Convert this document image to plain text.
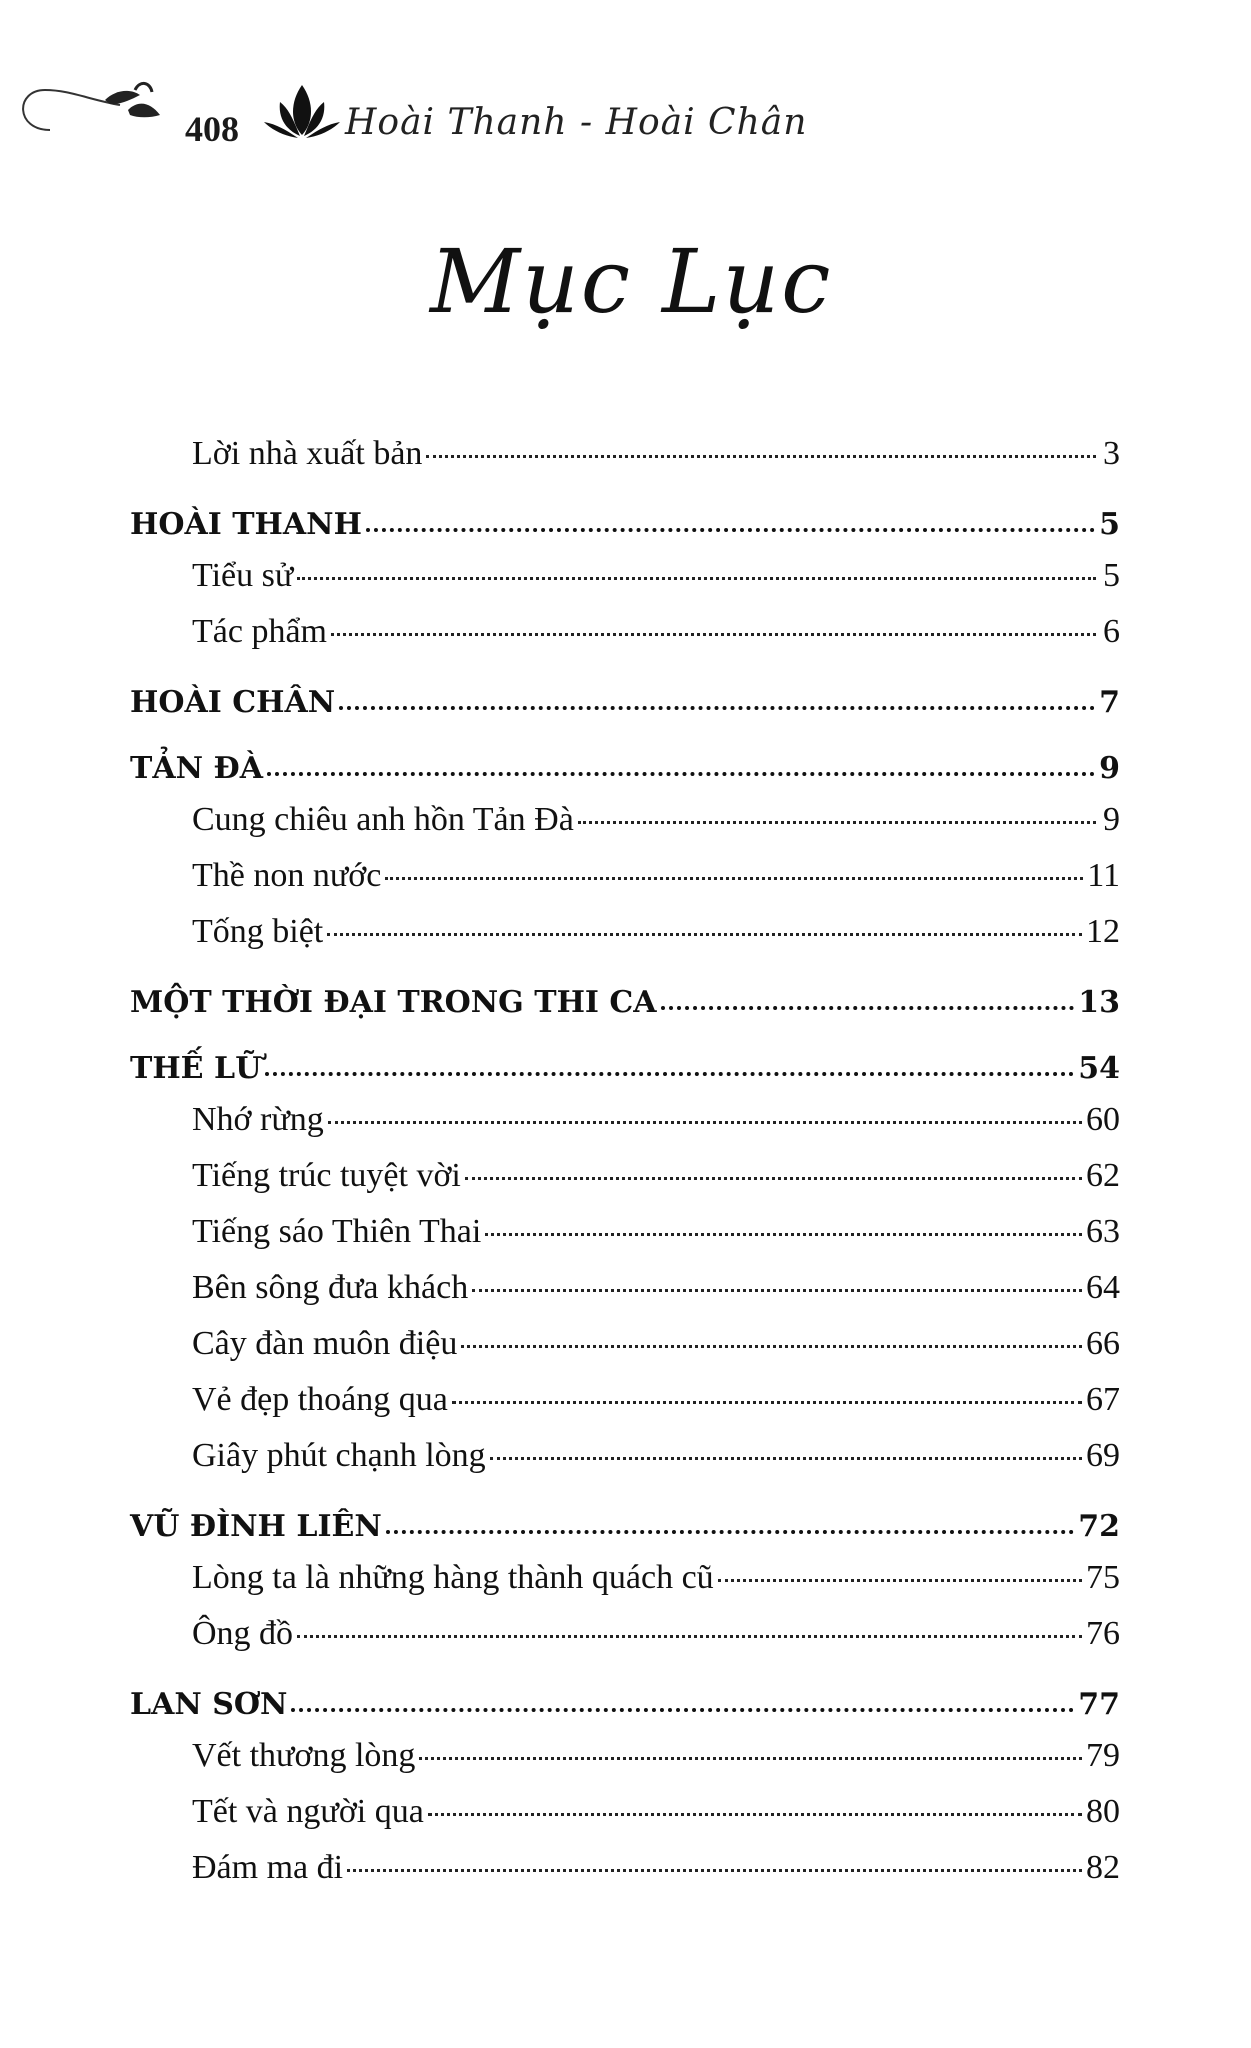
408	Hoài Thanh - Hoài Chân
Mục Lục
Lời nhà xuất bản	3
HOÀI THANH	5
Tiểu sử	5
Tác phẩm	6
HOÀI CHÂN	7
TẢN ĐÀ	9
Cung chiêu anh hồn Tản Đà	9
Thề non nước	11
Tống biệt	12
MỘT THỜI ĐẠI TRONG THI CA	13
THẾ LỮ	54
Nhớ rừng	60
Tiếng trúc tuyệt vời	62
Tiếng sáo Thiên Thai	63
Bên sông đưa khách	64
Cây đàn muôn điệu	66
Vẻ đẹp thoáng qua	67
Giây phút chạnh lòng	69
VŨ ĐÌNH LIÊN	72
Lòng ta là những hàng thành quách cũ	75
Ông đồ	76
LAN SƠN	77
Vết thương lòng	79
Tết và người qua	80
Đám ma đi	82
